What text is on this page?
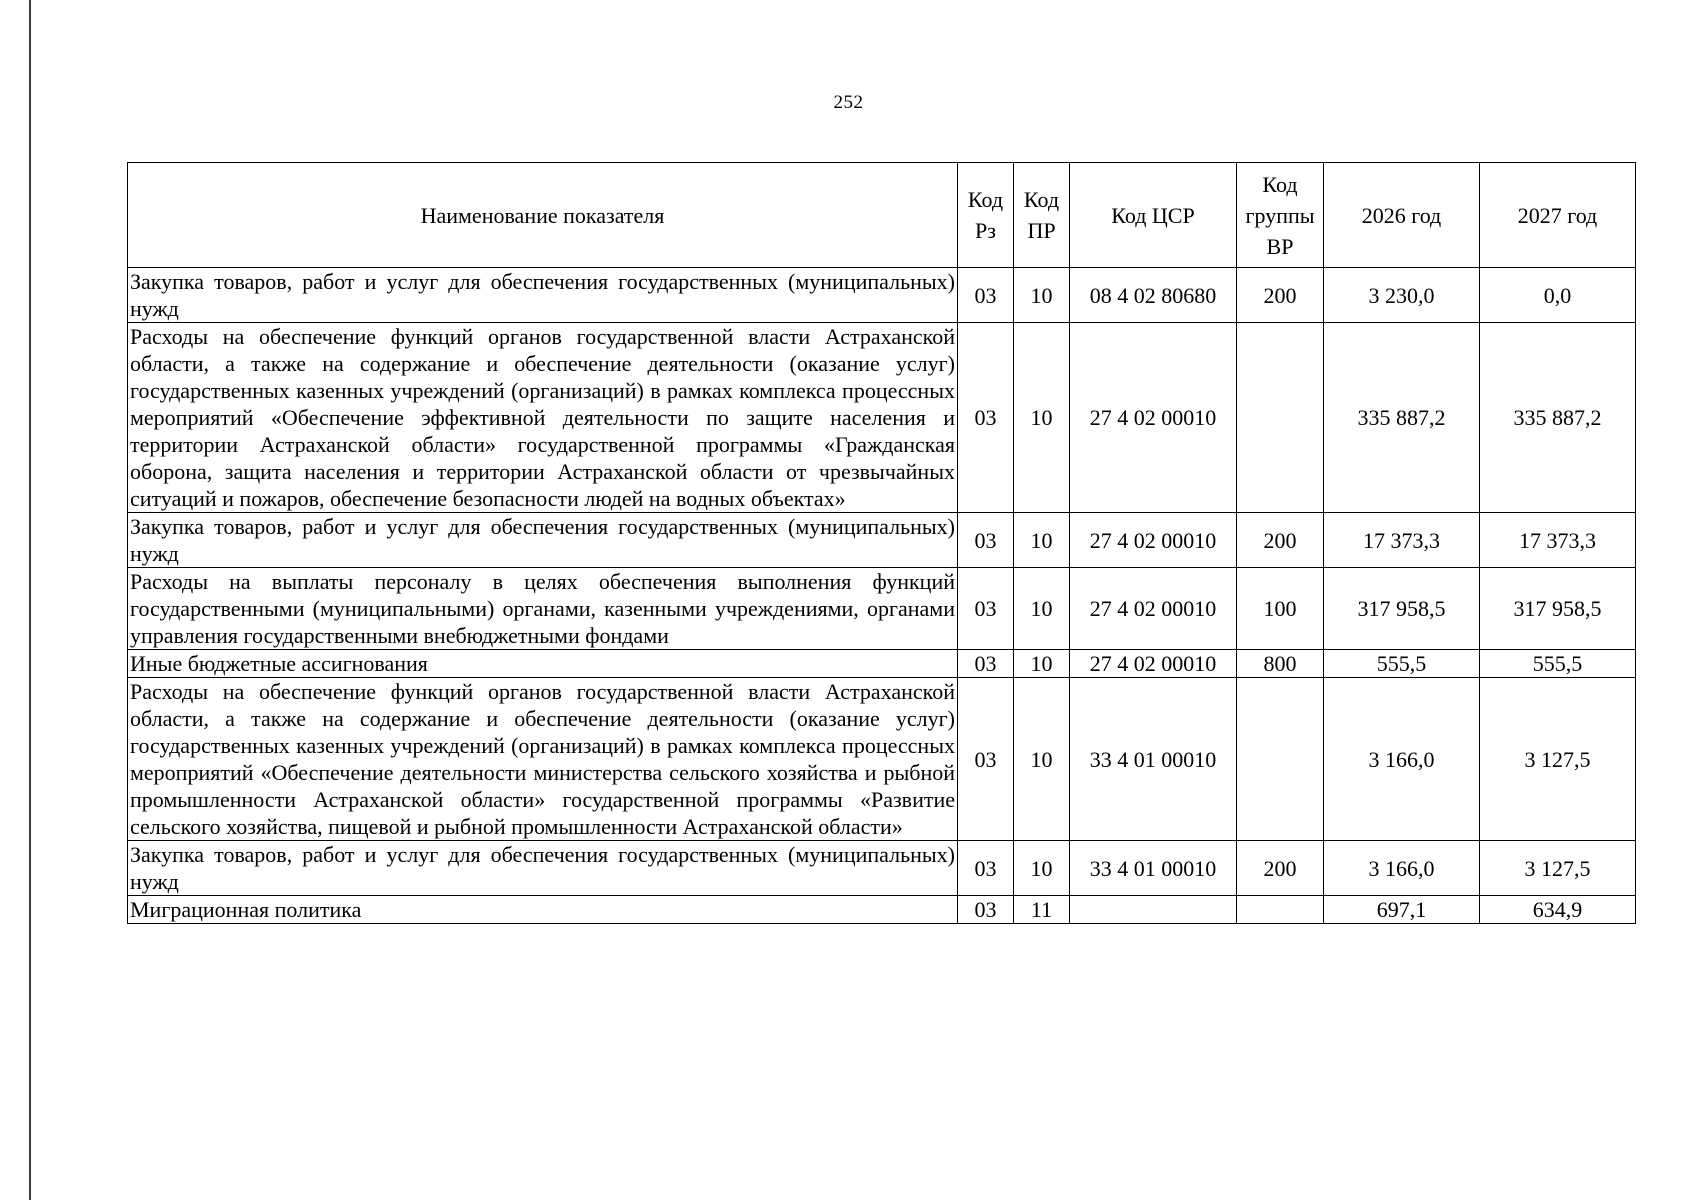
252
Наименование показателя	Код Рз	Код ПР	Код ЦСР	Код группы ВР	2026 год	2027 год
Закупка товаров, работ и услуг для обеспечения государственных (муниципальных) нужд	03	10	08 4 02 80680	200	3 230,0	0,0
Расходы на обеспечение функций органов государственной власти Астраханской области, а также на содержание и обеспечение деятельности (оказание услуг) государственных казенных учреждений (организаций) в рамках комплекса процессных мероприятий «Обеспечение эффективной деятельности по защите населения и территории Астраханской области» государственной программы «Гражданская оборона, защита населения и территории Астраханской области от чрезвычайных ситуаций и пожаров, обеспечение безопасности людей на водных объектах»	03	10	27 4 02 00010		335 887,2	335 887,2
Закупка товаров, работ и услуг для обеспечения государственных (муниципальных) нужд	03	10	27 4 02 00010	200	17 373,3	17 373,3
Расходы на выплаты персоналу в целях обеспечения выполнения функций государственными (муниципальными) органами, казенными учреждениями, органами управления государственными внебюджетными фондами	03	10	27 4 02 00010	100	317 958,5	317 958,5
Иные бюджетные ассигнования	03	10	27 4 02 00010	800	555,5	555,5
Расходы на обеспечение функций органов государственной власти Астраханской области, а также на содержание и обеспечение деятельности (оказание услуг) государственных казенных учреждений (организаций) в рамках комплекса процессных мероприятий «Обеспечение деятельности министерства сельского хозяйства и рыбной промышленности Астраханской области» государственной программы «Развитие сельского хозяйства, пищевой и рыбной промышленности Астраханской области»	03	10	33 4 01 00010		3 166,0	3 127,5
Закупка товаров, работ и услуг для обеспечения государственных (муниципальных) нужд	03	10	33 4 01 00010	200	3 166,0	3 127,5
Миграционная политика	03	11			697,1	634,9
